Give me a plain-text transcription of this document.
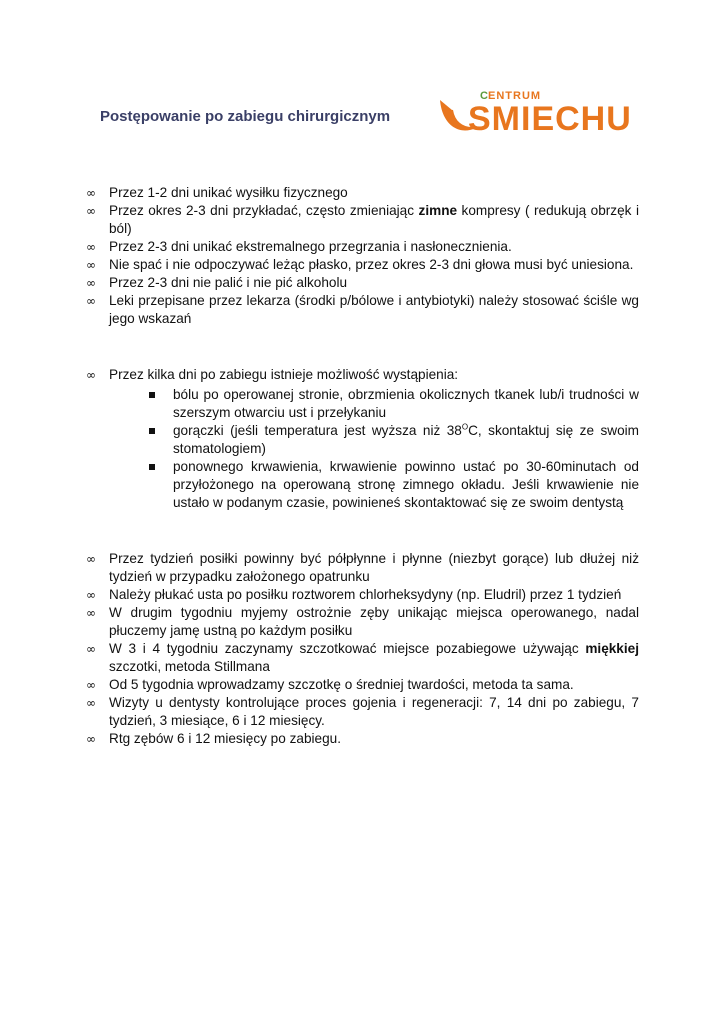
Postępowanie po zabiegu chirurgicznym
C ENTRUM
SMIECHU
∞ Przez 1-2 dni unikać wysiłku fizycznego
∞ Przez okres 2-3 dni przykładać, często zmieniając zimne kompresy ( redukują obrzęk i ból)
∞ Przez 2-3 dni unikać ekstremalnego przegrzania i nasłonecznienia.
∞ Nie spać i nie odpoczywać leżąc płasko, przez okres 2-3 dni głowa musi być uniesiona.
∞ Przez 2-3 dni nie palić i nie pić alkoholu
∞ Leki przepisane przez lekarza (środki p/bólowe i antybiotyki) należy stosować ściśle wg jego wskazań
∞ Przez kilka dni po zabiegu istnieje możliwość wystąpienia:
bólu po operowanej stronie, obrzmienia okolicznych tkanek lub/i trudności w szerszym otwarciu ust i przełykaniu
gorączki (jeśli temperatura jest wyższa niż $38^OC$, skontaktuj się ze swoim stomatologiem)
ponownego krwawienia, krwawienie powinno ustać po 30-60minutach od przyłożonego na operowaną stronę zimnego okładu. Jeśli krwawienie nie ustało w podanym czasie, powinieneś skontaktować się ze swoim dentystą
∞ Przez tydzień posiłki powinny być półpłynne i płynne (niezbyt gorące) lub dłużej niż tydzień w przypadku założonego opatrunku
∞ Należy płukać usta po posiłku roztworem chlorheksydyny (np. Eludril) przez 1 tydzień
∞ W drugim tygodniu myjemy ostrożnie zęby unikając miejsca operowanego, nadal płuczemy jamę ustną po każdym posiłku
∞ W 3 i 4 tygodniu zaczynamy szczotkować miejsce pozabiegowe używając miękkiej szczotki, metoda Stillmana
∞ Od 5 tygodnia wprowadzamy szczotkę o średniej twardości, metoda ta sama.
∞ Wizyty u dentysty kontrolujące proces gojenia i regeneracji: 7, 14 dni po zabiegu, 7 tydzień, 3 miesiące, 6 i 12 miesięcy.
∞ Rtg zębów 6 i 12 miesięcy po zabiegu.
